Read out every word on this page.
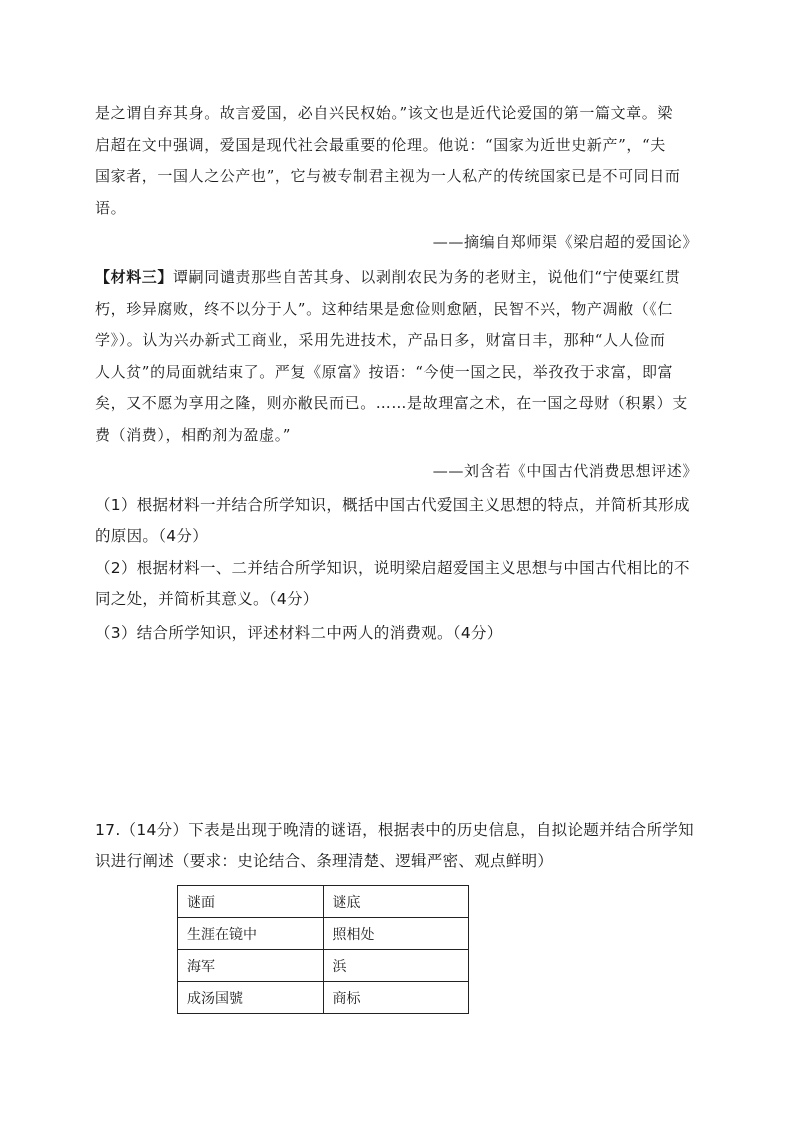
是之谓自弃其身。故言爱国，必自兴民权始。”该文也是近代论爱国的第一篇文章。梁
启超在文中强调，爱国是现代社会最重要的伦理。他说：“国家为近世史新产”，“夫
国家者，一国人之公产也”，它与被专制君主视为一人私产的传统国家已是不可同日而
语。
——摘编自郑师渠《梁启超的爱国论》
【材料三】谭嗣同谴责那些自苦其身、以剥削农民为务的老财主，说他们“宁使粟红贯
朽，珍异腐败，终不以分于人”。这种结果是愈俭则愈陋，民智不兴，物产凋敝（《仁
学》）。认为兴办新式工商业，采用先进技术，产品日多，财富日丰，那种“人人俭而
人人贫”的局面就结束了。严复《原富》按语：“今使一国之民，举孜孜于求富，即富
矣，又不愿为享用之隆，则亦敝民而已。……是故理富之术，在一国之母财（积累）支
费（消费），相酌剂为盈虚。”
——刘含若《中国古代消费思想评述》
（1）根据材料一并结合所学知识，概括中国古代爱国主义思想的特点，并简析其形成
的原因。（4分）
（2）根据材料一、二并结合所学知识，说明梁启超爱国主义思想与中国古代相比的不
同之处，并简析其意义。（4分）
（3）结合所学知识，评述材料二中两人的消费观。（4分）
17.（14分）下表是出现于晚清的谜语，根据表中的历史信息，自拟论题并结合所学知
识进行阐述（要求：史论结合、条理清楚、逻辑严密、观点鲜明）
谜面	谜底
生涯在镜中	照相处
海军	浜
成汤国號	商标
